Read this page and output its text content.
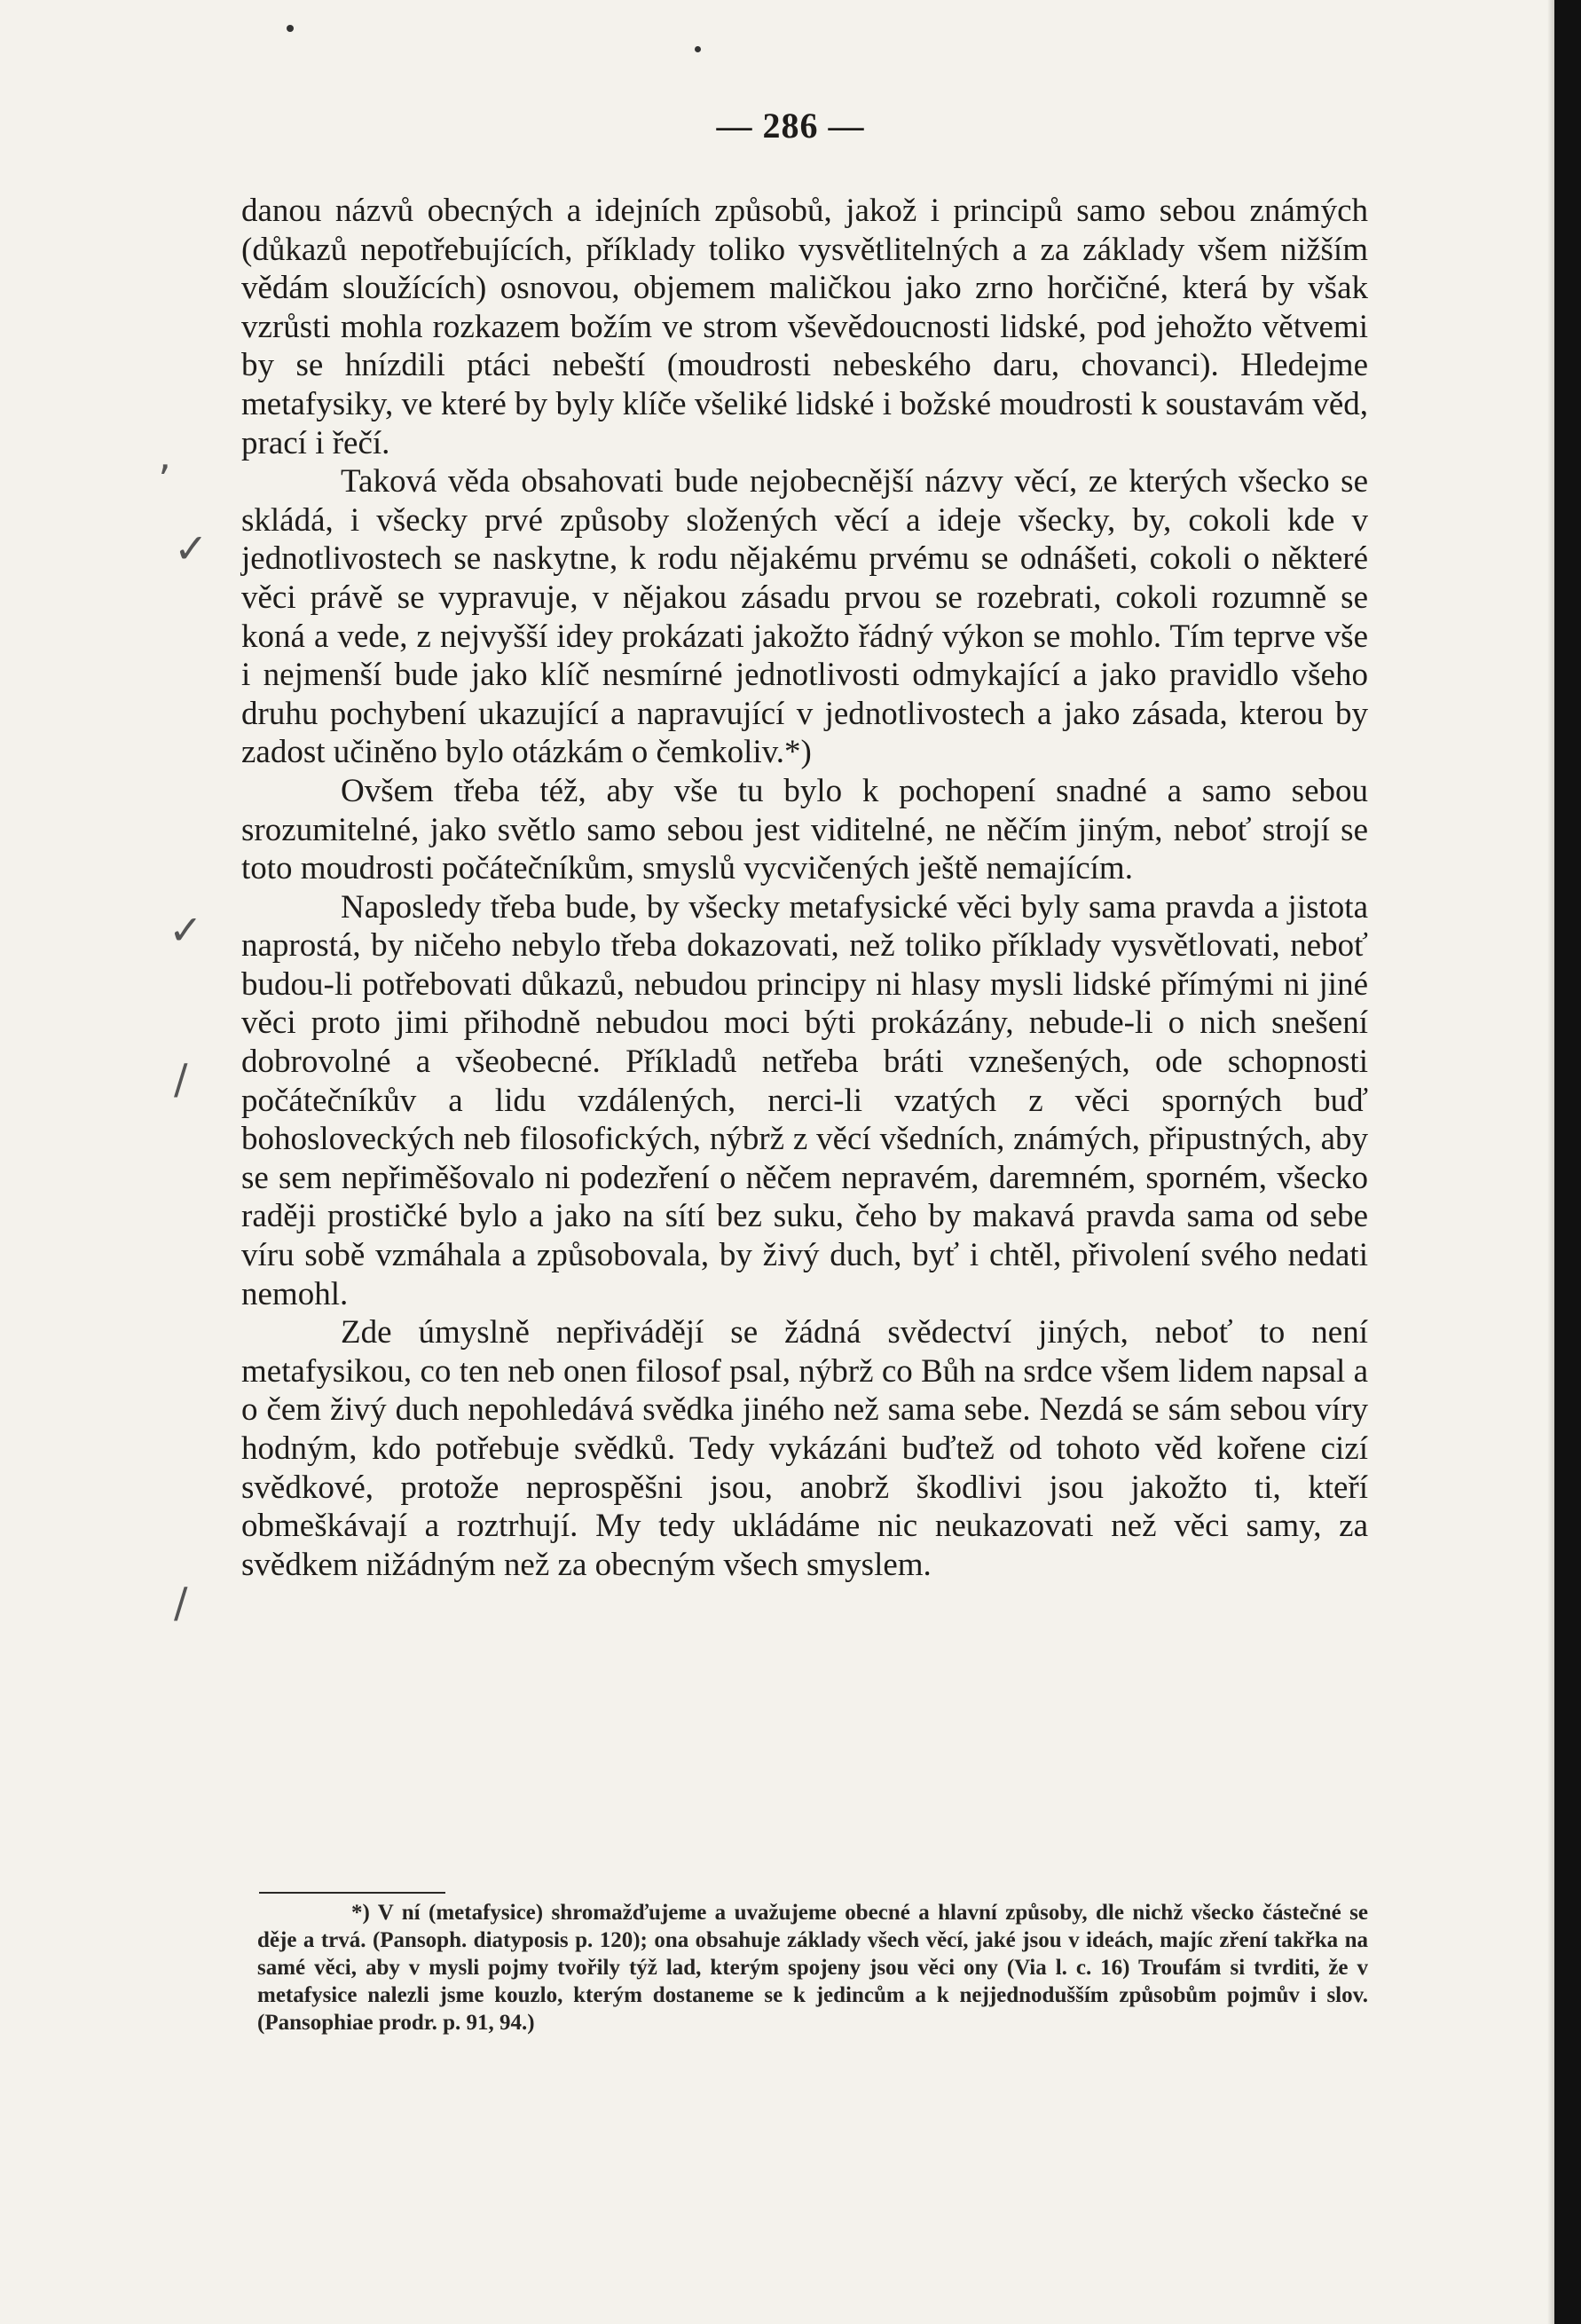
— 286 —

danou názvů obecných a idejních způsobů, jakož i principů samo sebou známých (důkazů nepotřebujících, příklady toliko vysvětlitelných a za základy všem nižším vědám sloužících) osnovou, objemem maličkou jako zrno horčičné, která by však vzrůsti mohla rozkazem božím ve strom vševědoucnosti lidské, pod jehožto větvemi by se hnízdili ptáci nebeští (moudrosti nebeského daru, chovanci). Hledejme metafysiky, ve které by byly klíče všeliké lidské i božské moudrosti k soustavám věd, prací i řečí.

Taková věda obsahovati bude nejobecnější názvy věcí, ze kterých všecko se skládá, i všecky prvé způsoby složených věcí a ideje všecky, by, cokoli kde v jednotlivostech se naskytne, k rodu nějakému prvému se odnášeti, cokoli o některé věci právě se vypravuje, v nějakou zásadu prvou se rozebrati, cokoli rozumně se koná a vede, z nejvyšší idey prokázati jakožto řádný výkon se mohlo. Tím teprve vše i nejmenší bude jako klíč nesmírné jednotlivosti odmykající a jako pravidlo všeho druhu pochybení ukazující a napravující v jednotlivostech a jako zásada, kterou by zadost učiněno bylo otázkám o čemkoliv.*)

Ovšem třeba též, aby vše tu bylo k pochopení snadné a samo sebou srozumitelné, jako světlo samo sebou jest viditelné, ne něčím jiným, neboť strojí se toto moudrosti počátečníkům, smyslů vycvičených ještě nemajícím.

Naposledy třeba bude, by všecky metafysické věci byly sama pravda a jistota naprostá, by ničeho nebylo třeba dokazovati, než toliko příklady vysvětlovati, neboť budou-li potřebovati důkazů, nebudou principy ni hlasy mysli lidské přímými ni jiné věci proto jimi přihodně nebudou moci býti prokázány, nebude-li o nich snešení dobrovolné a všeobecné. Příkladů netřeba bráti vznešených, ode schopnosti počátečníkův a lidu vzdálených, nerci-li vzatých z věci sporných buď bohosloveckých neb filosofických, nýbrž z věcí všedních, známých, připustných, aby se sem nepřiměšovalo ni podezření o něčem nepravém, daremném, sporném, všecko raději prostičké bylo a jako na sítí bez suku, čeho by makavá pravda sama od sebe víru sobě vzmáhala a způsobovala, by živý duch, byť i chtěl, přivolení svého nedati nemohl.

Zde úmyslně nepřivádějí se žádná svědectví jiných, neboť to není metafysikou, co ten neb onen filosof psal, nýbrž co Bůh na srdce všem lidem napsal a o čem živý duch nepohledává svědka jiného než sama sebe. Nezdá se sám sebou víry hodným, kdo potřebuje svědků. Tedy vykázáni buďtež od tohoto věd kořene cizí svědkové, protože neprospěšni jsou, anobrž škodlivi jsou jakožto ti, kteří obmeškávají a roztrhují. My tedy ukládáme nic neukazovati než věci samy, za svědkem nižádným než za obecným všech smyslem.

*) V ní (metafysice) shromažďujeme a uvažujeme obecné a hlavní způsoby, dle nichž všecko částečné se děje a trvá. (Pansoph. diatyposis p. 120); ona obsahuje základy všech věcí, jaké jsou v ideách, majíc zření takřka na samé věci, aby v mysli pojmy tvořily týž lad, kterým spojeny jsou věci ony (Via l. c. 16) Troufám si tvrditi, že v metafysice nalezli jsme kouzlo, kterým dostaneme se k jedincům a k nejjednodušším způsobům pojmův i slov. (Pansophiae prodr. p. 91, 94.)

ʼ
✓
✓
/
/
